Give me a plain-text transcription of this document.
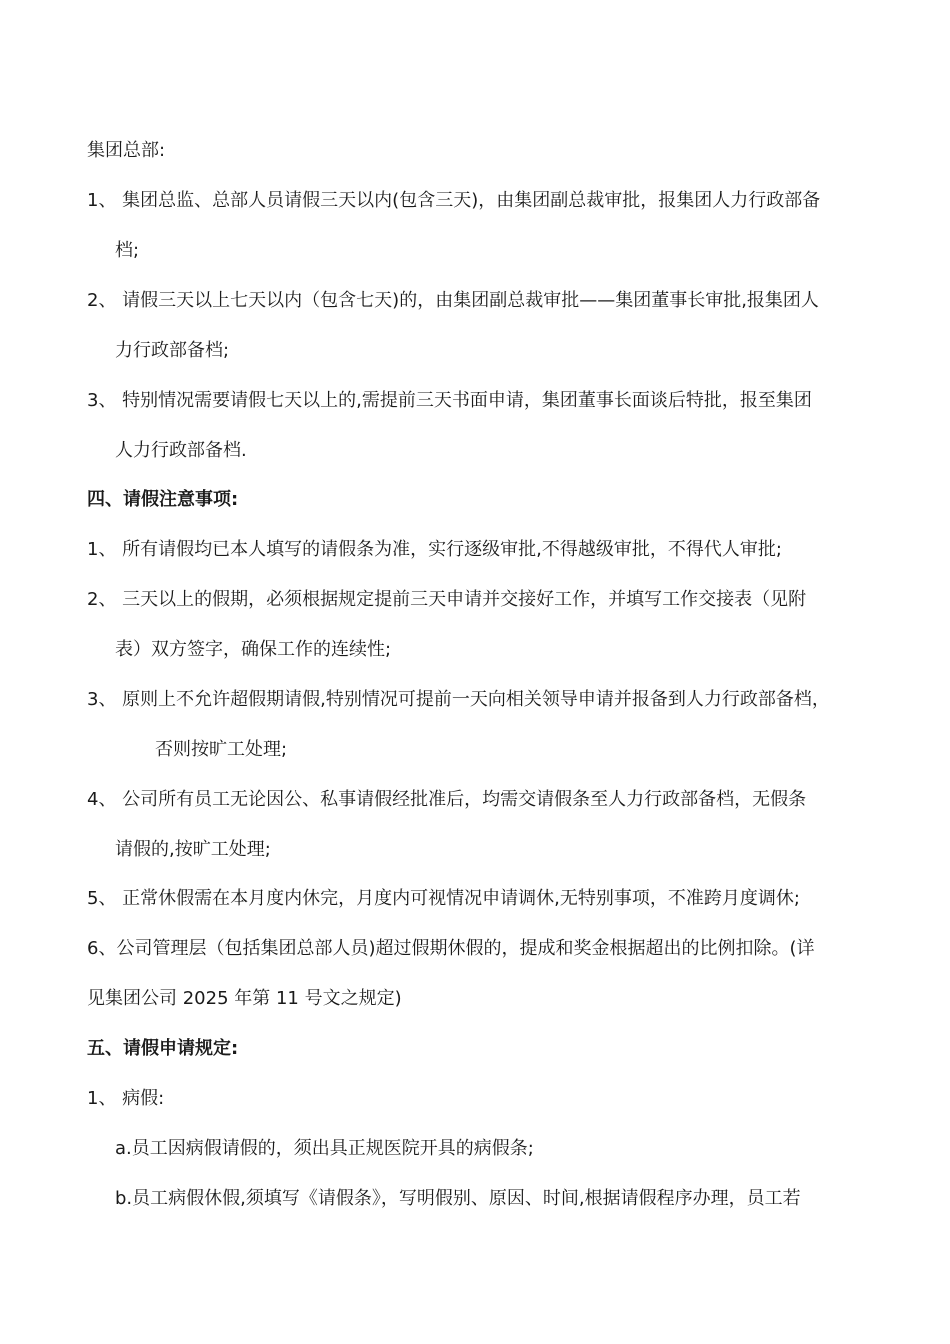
集团总部:
1、 集团总监、总部人员请假三天以内(包含三天)，由集团副总裁审批，报集团人力行政部备
档;
2、 请假三天以上七天以内（包含七天)的，由集团副总裁审批——集团董事长审批,报集团人
力行政部备档;
3、 特别情况需要请假七天以上的,需提前三天书面申请，集团董事长面谈后特批，报至集团
人力行政部备档.
四、请假注意事项:
1、 所有请假均已本人填写的请假条为准，实行逐级审批,不得越级审批，不得代人审批;
2、 三天以上的假期，必须根据规定提前三天申请并交接好工作，并填写工作交接表（见附
表）双方签字，确保工作的连续性;
3、 原则上不允许超假期请假,特别情况可提前一天向相关领导申请并报备到人力行政部备档，
否则按旷工处理;
4、 公司所有员工无论因公、私事请假经批准后，均需交请假条至人力行政部备档，无假条
请假的,按旷工处理;
5、 正常休假需在本月度内休完，月度内可视情况申请调休,无特别事项，不准跨月度调休;
6、公司管理层（包括集团总部人员)超过假期休假的，提成和奖金根据超出的比例扣除。(详
见集团公司 2025 年第 11 号文之规定)
五、请假申请规定:
1、 病假:
a.员工因病假请假的，须出具正规医院开具的病假条;
b.员工病假休假,须填写《请假条》，写明假别、原因、时间,根据请假程序办理，员工若
